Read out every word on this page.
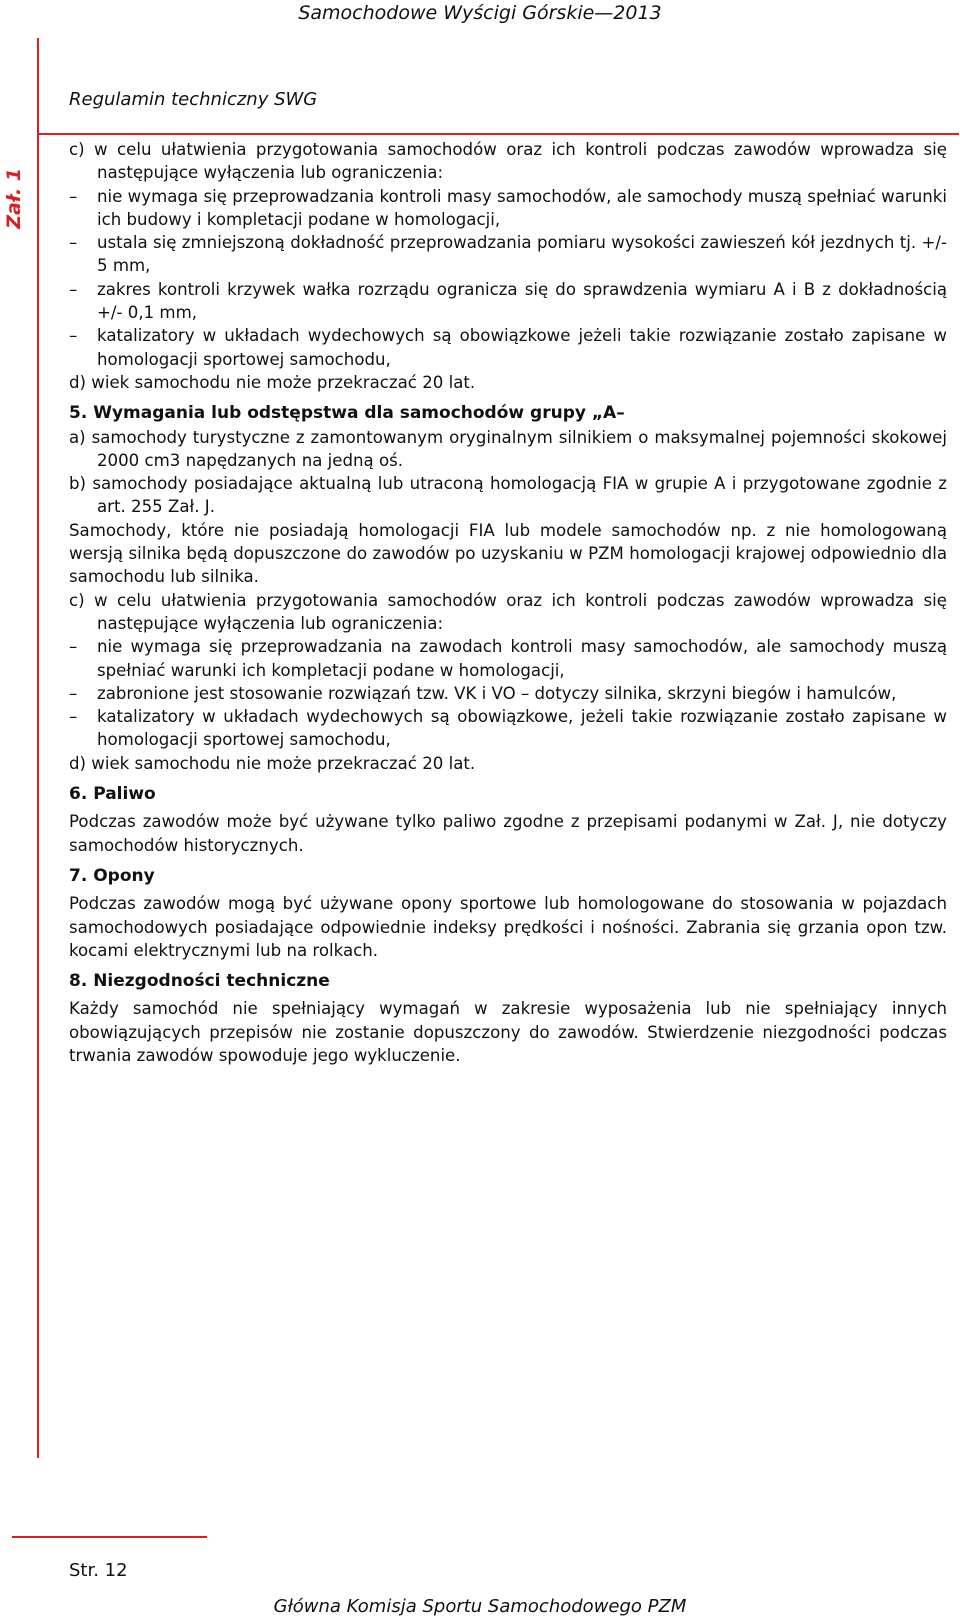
Samochodowe Wyścigi Górskie—2013
Zał. 1
Regulamin techniczny SWG

c) w celu ułatwienia przygotowania samochodów oraz ich kontroli podczas zawodów wprowadza się następujące wyłączenia lub ograniczenia:

– nie wymaga się przeprowadzania kontroli masy samochodów, ale samochody muszą spełniać warunki ich budowy i kompletacji podane w homologacji,

– ustala się zmniejszoną dokładność przeprowadzania pomiaru wysokości zawieszeń kół jezdnych tj. +/- 5 mm,

– zakres kontroli krzywek wałka rozrządu ogranicza się do sprawdzenia wymiaru A i B z dokładnością +/- 0,1 mm,

– katalizatory w układach wydechowych są obowiązkowe jeżeli takie rozwiązanie zostało zapisane w homologacji sportowej samochodu,

d) wiek samochodu nie może przekraczać 20 lat.

5. Wymagania lub odstępstwa dla samochodów grupy „A–

a) samochody turystyczne z zamontowanym oryginalnym silnikiem o maksymalnej pojemności skokowej 2000 cm3 napędzanych na jedną oś.

b) samochody posiadające aktualną lub utraconą homologacją FIA w grupie A i przygotowane zgodnie z art. 255 Zał. J.

Samochody, które nie posiadają homologacji FIA lub modele samochodów np. z nie homologowaną wersją silnika będą dopuszczone do zawodów po uzyskaniu w PZM homologacji krajowej odpowiednio dla samochodu lub silnika.

c) w celu ułatwienia przygotowania samochodów oraz ich kontroli podczas zawodów wprowadza się następujące wyłączenia lub ograniczenia:

– nie wymaga się przeprowadzania na zawodach kontroli masy samochodów, ale samochody muszą spełniać warunki ich kompletacji podane w homologacji,

– zabronione jest stosowanie rozwiązań tzw. VK i VO – dotyczy silnika, skrzyni biegów i hamulców,

– katalizatory w układach wydechowych są obowiązkowe, jeżeli takie rozwiązanie zostało zapisane w homologacji sportowej samochodu,

d) wiek samochodu nie może przekraczać 20 lat.

6. Paliwo

Podczas zawodów może być używane tylko paliwo zgodne z przepisami podanymi w Zał. J, nie dotyczy samochodów historycznych.

7. Opony

Podczas zawodów mogą być używane opony sportowe lub homologowane do stosowania w pojazdach samochodowych posiadające odpowiednie indeksy prędkości i nośności. Zabrania się grzania opon tzw. kocami elektrycznymi lub na rolkach.

8. Niezgodności techniczne

Każdy samochód nie spełniający wymagań w zakresie wyposażenia lub nie spełniający innych obowiązujących przepisów nie zostanie dopuszczony do zawodów. Stwierdzenie niezgodności podczas trwania zawodów spowoduje jego wykluczenie.

Str. 12
Główna Komisja Sportu Samochodowego PZM
